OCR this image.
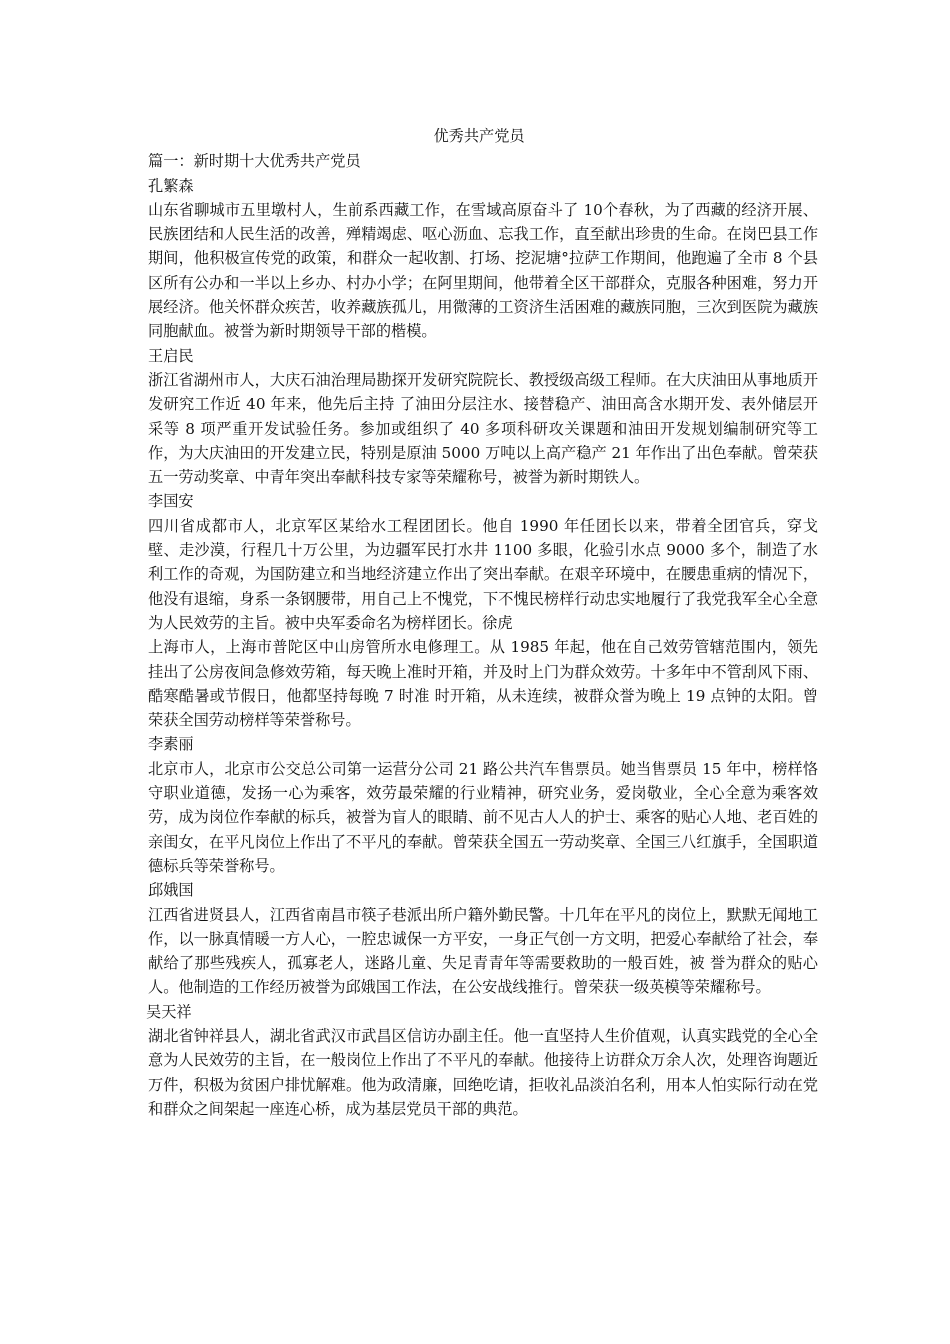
优秀共产党员
篇一：新时期十大优秀共产党员
孔繁森
山东省聊城市五里墩村人，生前系西藏工作，在雪域高原奋斗了 10个春秋，为了西藏的经济开展、民族团结和人民生活的改善，殚精竭虑、呕心沥血、忘我工作，直至献出珍贵的生命。在岗巴县工作期间，他积极宣传党的政策，和群众一起收割、打场、挖泥塘°拉萨工作期间，他跑遍了全市 8 个县区所有公办和一半以上乡办、村办小学；在阿里期间，他带着全区干部群众，克服各种困难，努力开展经济。他关怀群众疾苦，收养藏族孤儿，用微薄的工资济生活困难的藏族同胞，三次到医院为藏族同胞献血。被誉为新时期领导干部的楷模。
王启民
浙江省湖州市人，大庆石油治理局勘探开发研究院院长、教授级高级工程师。在大庆油田从事地质开发研究工作近 40 年来，他先后主持 了油田分层注水、接替稳产、油田高含水期开发、表外储层开采等 8 项严重开发试验任务。参加或组织了 40 多项科研攻关课题和油田开发规划编制研究等工作，为大庆油田的开发建立民，特别是原油 5000 万吨以上高产稳产 21 年作出了出色奉献。曾荣获五一劳动奖章、中青年突出奉献科技专家等荣耀称号，被誉为新时期铁人。
李国安
四川省成都市人，北京军区某给水工程团团长。他自 1990 年任团长以来，带着全团官兵，穿戈壁、走沙漠，行程几十万公里，为边疆军民打水井 1100 多眼，化验引水点 9000 多个，制造了水利工作的奇观，为国防建立和当地经济建立作出了突出奉献。在艰辛环境中，在腰患重病的情况下，他没有退缩，身系一条钢腰带，用自己上不愧党，下不愧民榜样行动忠实地履行了我党我军全心全意为人民效劳的主旨。被中央军委命名为榜样团长。徐虎
上海市人，上海市普陀区中山房管所水电修理工。从 1985 年起，他在自己效劳管辖范围内，领先挂出了公房夜间急修效劳箱，每天晚上准时开箱，并及时上门为群众效劳。十多年中不管刮风下雨、酷寒酷暑或节假日，他都坚持每晚 7 时准 时开箱，从未连续，被群众誉为晚上 19 点钟的太阳。曾荣获全国劳动榜样等荣誉称号。
李素丽
北京市人，北京市公交总公司第一运营分公司 21 路公共汽车售票员。她当售票员 15 年中，榜样恪守职业道德，发扬一心为乘客，效劳最荣耀的行业精神，研究业务，爱岗敬业，全心全意为乘客效劳，成为岗位作奉献的标兵，被誉为盲人的眼睛、前不见古人人的护士、乘客的贴心人地、老百姓的亲闺女，在平凡岗位上作出了不平凡的奉献。曾荣获全国五一劳动奖章、全国三八红旗手，全国职道德标兵等荣誉称号。
邱娥国
江西省进贤县人，江西省南昌市筷子巷派出所户籍外勤民警。十几年在平凡的岗位上，默默无闻地工作，以一脉真情暖一方人心，一腔忠诚保一方平安，一身正气创一方文明，把爱心奉献给了社会，奉献给了那些残疾人，孤寡老人，迷路儿童、失足青青年等需要救助的一般百姓，被 誉为群众的贴心人。他制造的工作经历被誉为邱娥国工作法，在公安战线推行。曾荣获一级英模等荣耀称号。
吴天祥
湖北省钟祥县人，湖北省武汉市武昌区信访办副主任。他一直坚持人生价值观，认真实践党的全心全意为人民效劳的主旨，在一般岗位上作出了不平凡的奉献。他接待上访群众万余人次，处理咨询题近万件，积极为贫困户排忧解难。他为政清廉，回绝吃请，拒收礼品淡泊名利，用本人怕实际行动在党和群众之间架起一座连心桥，成为基层党员干部的典范。
